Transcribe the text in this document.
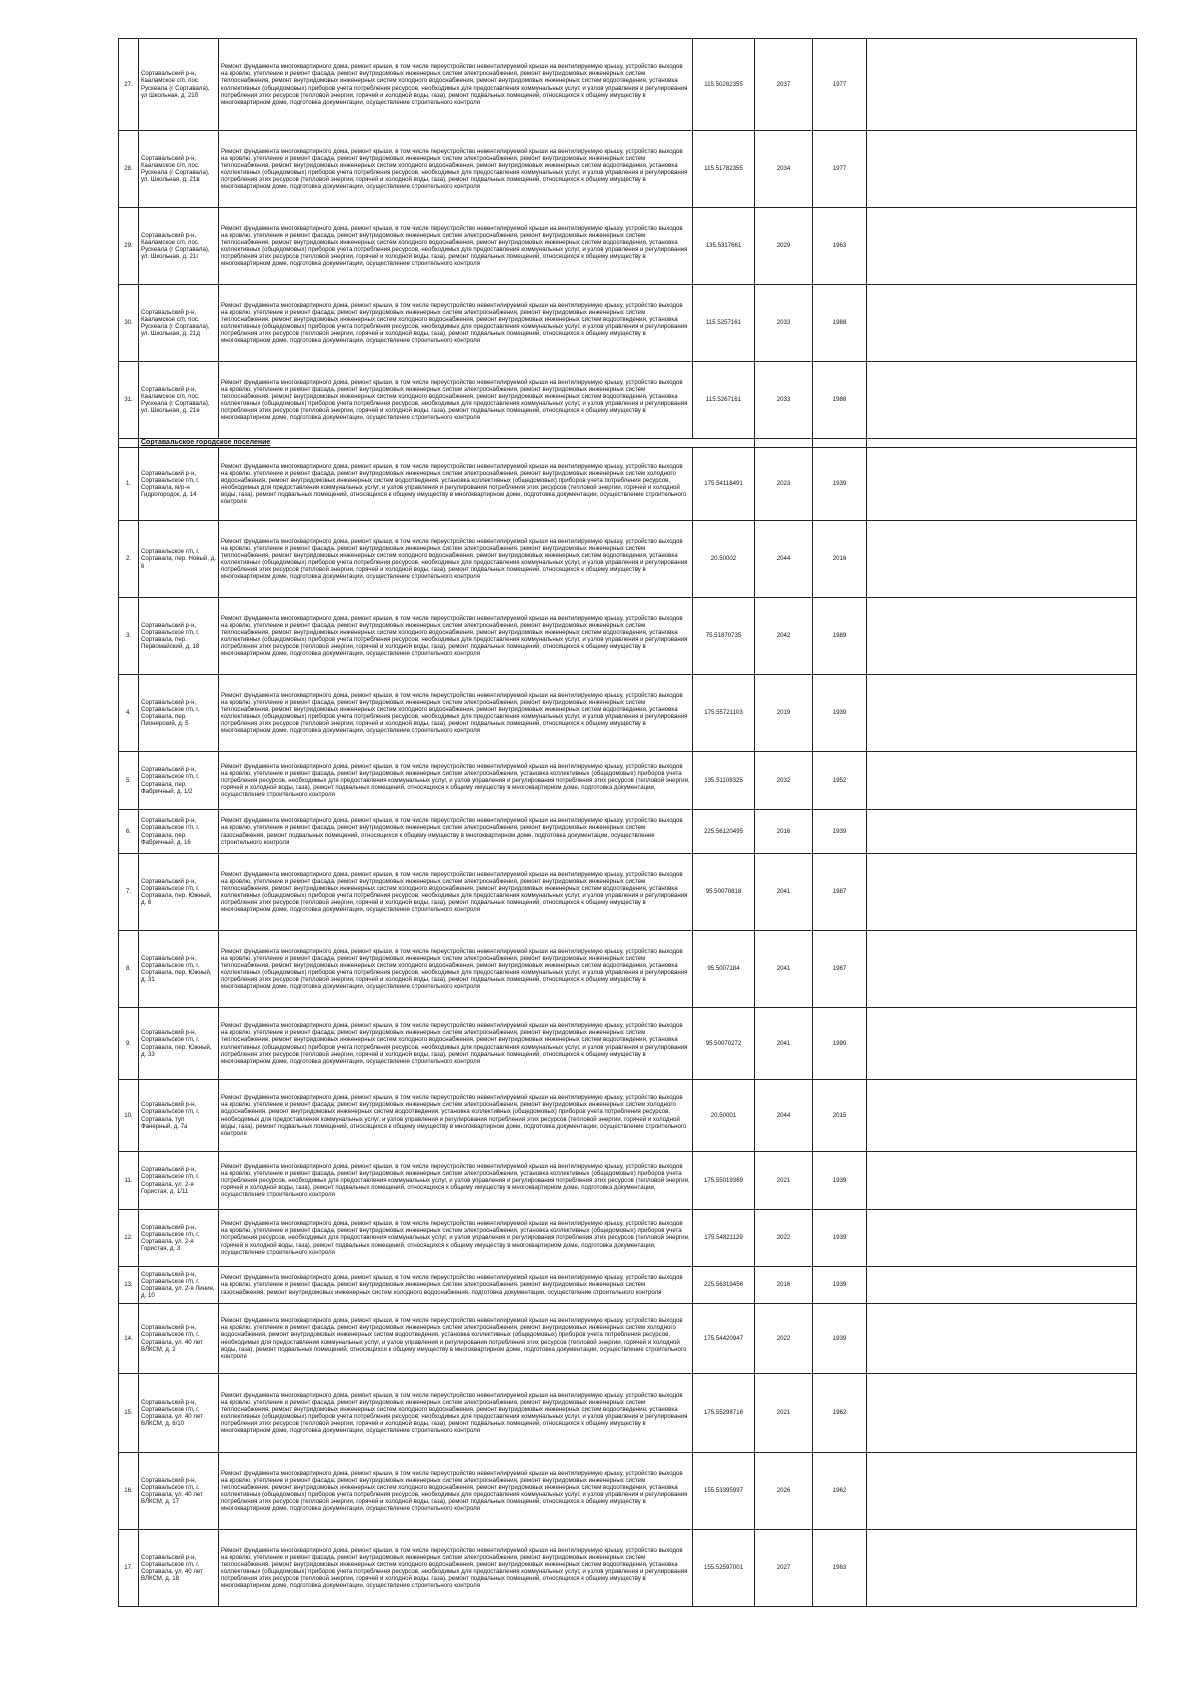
27.	Сортавальский р-н, Кааламское с/п, пос. Рускеала (г Сортавала), ул Школьная, д. 21б	Ремонт фундамента многоквартирного дома, ремонт крыши, в том числе переустройство невентилируемой крыши на вентилируемую крышу, устройство выходов на кровлю, утепление и ремонт фасада, ремонт внутридомовых инженерных систем электроснабжения, ремонт внутридомовых инженерных систем теплоснабжения, ремонт внутридомовых инженерных систем холодного водоснабжения, ремонт внутридомовых инженерных систем водоотведения, установка коллективных (общедомовых) приборов учета потребления ресурсов, необходимых для предоставления коммунальных услуг, и узлов управления и регулирования потребления этих ресурсов (тепловой энергии, горячей и холодной воды, газа), ремонт подвальных помещений, относящихся к общему имуществу в многоквартирном доме, подготовка документации, осуществление строительного контроля	115.50282355	2037	1977	
28.	Сортавальский р-н, Кааламское с/п, пос. Рускеала (г Сортавала), ул. Школьная, д. 21в	Ремонт фундамента многоквартирного дома, ремонт крыши, в том числе переустройство невентилируемой крыши на вентилируемую крышу, устройство выходов на кровлю, утепление и ремонт фасада, ремонт внутридомовых инженерных систем электроснабжения, ремонт внутридомовых инженерных систем теплоснабжения, ремонт внутридомовых инженерных систем холодного водоснабжения, ремонт внутридомовых инженерных систем водоотведения, установка коллективных (общедомовых) приборов учета потребления ресурсов, необходимых для предоставления коммунальных услуг, и узлов управления и регулирования потребления этих ресурсов (тепловой энергии, горячей и холодной воды, газа), ремонт подвальных помещений, относящихся к общему имуществу в многоквартирном доме, подготовка документации, осуществление строительного контроля	115.51782355	2034	1977	
29.	Сортавальский р-н, Кааламское с/п, пос. Рускеала (г Сортавала), ул. Школьная, д. 21г	Ремонт фундамента многоквартирного дома, ремонт крыши, в том числе переустройство невентилируемой крыши на вентилируемую крышу, устройство выходов на кровлю, утепление и ремонт фасада, ремонт внутридомовых инженерных систем электроснабжения, ремонт внутридомовых инженерных систем теплоснабжения, ремонт внутридомовых инженерных систем холодного водоснабжения, ремонт внутридомовых инженерных систем водоотведения, установка коллективных (общедомовых) приборов учета потребления ресурсов, необходимых для предоставления коммунальных услуг, и узлов управления и регулирования потребления этих ресурсов (тепловой энергии, горячей и холодной воды, газа), ремонт подвальных помещений, относящихся к общему имуществу в многоквартирном доме, подготовка документации, осуществление строительного контроля	135.5317661	2029	1963	
30.	Сортавальский р-н, Кааламское с/п, пос. Рускеала (г Сортавала), ул. Школьная, д. 21д	Ремонт фундамента многоквартирного дома, ремонт крыши, в том числе переустройство невентилируемой крыши на вентилируемую крышу, устройство выходов на кровлю, утепление и ремонт фасада, ремонт внутридомовых инженерных систем электроснабжения, ремонт внутридомовых инженерных систем теплоснабжения, ремонт внутридомовых инженерных систем холодного водоснабжения, ремонт внутридомовых инженерных систем водоотведения, установка коллективных (общедомовых) приборов учета потребления ресурсов, необходимых для предоставления коммунальных услуг, и узлов управления и регулирования потребления этих ресурсов (тепловой энергии, горячей и холодной воды, газа), ремонт подвальных помещений, относящихся к общему имуществу в многоквартирном доме, подготовка документации, осуществление строительного контроля	115.5257161	2033	1988	
31.	Сортавальский р-н, Кааламское с/п, пос. Рускеала (г Сортавала), ул. Школьная, д. 21е	Ремонт фундамента многоквартирного дома, ремонт крыши, в том числе переустройство невентилируемой крыши на вентилируемую крышу, устройство выходов на кровлю, утепление и ремонт фасада, ремонт внутридомовых инженерных систем электроснабжения, ремонт внутридомовых инженерных систем теплоснабжения, ремонт внутридомовых инженерных систем холодного водоснабжения, ремонт внутридомовых инженерных систем водоотведения, установка коллективных (общедомовых) приборов учета потребления ресурсов, необходимых для предоставления коммунальных услуг, и узлов управления и регулирования потребления этих ресурсов (тепловой энергии, горячей и холодной воды, газа), ремонт подвальных помещений, относящихся к общему имуществу в многоквартирном доме, подготовка документации, осуществление строительного контроля	115.5267161	2033	1988	
	Сортавальское городское поселение					
1.	Сортавальский р-н, Сортавальское г/п, г. Сортавала, м/р-н Гидрогородок, д. 14	Ремонт фундамента многоквартирного дома, ремонт крыши, в том числе переустройство невентилируемой крыши на вентилируемую крышу, устройство выходов на кровлю, утепление и ремонт фасада, ремонт внутридомовых инженерных систем электроснабжения, ремонт внутридомовых инженерных систем холодного водоснабжения, ремонт внутридомовых инженерных систем водоотведения, установка коллективных (общедомовых) приборов учета потребления ресурсов, необходимых для предоставления коммунальных услуг, и узлов управления и регулирования потребления этих ресурсов (тепловой энергии, горячей и холодной воды, газа), ремонт подвальных помещений, относящихся к общему имуществу в многоквартирном доме, подготовка документации, осуществление строительного контроля	175.54118491	2023	1939	
2.	Сортавальское г/п, г. Сортавала, пер. Новый, д. 6	Ремонт фундамента многоквартирного дома, ремонт крыши, в том числе переустройство невентилируемой крыши на вентилируемую крышу, устройство выходов на кровлю, утепление и ремонт фасада, ремонт внутридомовых инженерных систем электроснабжения, ремонт внутридомовых инженерных систем теплоснабжения, ремонт внутридомовых инженерных систем холодного водоснабжения, ремонт внутридомовых инженерных систем водоотведения, установка коллективных (общедомовых) приборов учета потребления ресурсов, необходимых для предоставления коммунальных услуг, и узлов управления и регулирования потребления этих ресурсов (тепловой энергии, горячей и холодной воды, газа), ремонт подвальных помещений, относящихся к общему имуществу в многоквартирном доме, подготовка документации, осуществление строительного контроля	20.50002	2044	2016	
3.	Сортавальский р-н, Сортавальское г/п, г. Сортавала, пер. Первомайский, д. 18	Ремонт фундамента многоквартирного дома, ремонт крыши, в том числе переустройство невентилируемой крыши на вентилируемую крышу, устройство выходов на кровлю, утепление и ремонт фасада, ремонт внутридомовых инженерных систем электроснабжения, ремонт внутридомовых инженерных систем теплоснабжения, ремонт внутридомовых инженерных систем холодного водоснабжения, ремонт внутридомовых инженерных систем водоотведения, установка коллективных (общедомовых) приборов учета потребления ресурсов, необходимых для предоставления коммунальных услуг, и узлов управления и регулирования потребления этих ресурсов (тепловой энергии, горячей и холодной воды, газа), ремонт подвальных помещений, относящихся к общему имуществу в многоквартирном доме, подготовка документации, осуществление строительного контроля	75.51870735	2042	1989	
4.	Сортавальский р-н, Сортавальское г/п, г. Сортавала, пер. Пионерский, д. 5	Ремонт фундамента многоквартирного дома, ремонт крыши, в том числе переустройство невентилируемой крыши на вентилируемую крышу, устройство выходов на кровлю, утепление и ремонт фасада, ремонт внутридомовых инженерных систем электроснабжения, ремонт внутридомовых инженерных систем теплоснабжения, ремонт внутридомовых инженерных систем холодного водоснабжения, ремонт внутридомовых инженерных систем водоотведения, установка коллективных (общедомовых) приборов учета потребления ресурсов, необходимых для предоставления коммунальных услуг, и узлов управления и регулирования потребления этих ресурсов (тепловой энергии, горячей и холодной воды, газа), ремонт подвальных помещений, относящихся к общему имуществу в многоквартирном доме, подготовка документации, осуществление строительного контроля	175.55721103	2019	1939	
5.	Сортавальский р-н, Сортавальское г/п, г. Сортавала, пер. Фабричный, д. 1/2	Ремонт фундамента многоквартирного дома, ремонт крыши, в том числе переустройство невентилируемой крыши на вентилируемую крышу, устройство выходов на кровлю, утепление и ремонт фасада, ремонт внутридомовых инженерных систем электроснабжения, установка коллективных (общедомовых) приборов учета потребления ресурсов, необходимых для предоставления коммунальных услуг, и узлов управления и регулирования потребления этих ресурсов (тепловой энергии, горячей и холодной воды, газа), ремонт подвальных помещений, относящихся к общему имуществу в многоквартирном доме, подготовка документации, осуществление строительного контроля	135.51108325	2032	1952	
6.	Сортавальский р-н, Сортавальское г/п, г. Сортавала, пер. Фабричный, д. 16	Ремонт фундамента многоквартирного дома, ремонт крыши, в том числе переустройство невентилируемой крыши на вентилируемую крышу, устройство выходов на кровлю, утепление и ремонт фасада, ремонт внутридомовых инженерных систем электроснабжения, ремонт внутридомовых инженерных систем газоснабжения, ремонт подвальных помещений, относящихся к общему имуществу в многоквартирном доме, подготовка документации, осуществление строительного контроля	225.56120495	2016	1939	
7.	Сортавальский р-н, Сортавальское г/п, г. Сортавала, пер. Южный, д. 6	Ремонт фундамента многоквартирного дома, ремонт крыши, в том числе переустройство невентилируемой крыши на вентилируемую крышу, устройство выходов на кровлю, утепление и ремонт фасада, ремонт внутридомовых инженерных систем электроснабжения, ремонт внутридомовых инженерных систем теплоснабжения, ремонт внутридомовых инженерных систем холодного водоснабжения, ремонт внутридомовых инженерных систем водоотведения, установка коллективных (общедомовых) приборов учета потребления ресурсов, необходимых для предоставления коммунальных услуг, и узлов управления и регулирования потребления этих ресурсов (тепловой энергии, горячей и холодной воды, газа), ремонт подвальных помещений, относящихся к общему имуществу в многоквартирном доме, подготовка документации, осуществление строительного контроля	95.50070818	2041	1987	
8.	Сортавальский р-н, Сортавальское г/п, г. Сортавала, пер. Южный, д. 31	Ремонт фундамента многоквартирного дома, ремонт крыши, в том числе переустройство невентилируемой крыши на вентилируемую крышу, устройство выходов на кровлю, утепление и ремонт фасада, ремонт внутридомовых инженерных систем электроснабжения, ремонт внутридомовых инженерных систем теплоснабжения, ремонт внутридомовых инженерных систем холодного водоснабжения, ремонт внутридомовых инженерных систем водоотведения, установка коллективных (общедомовых) приборов учета потребления ресурсов, необходимых для предоставления коммунальных услуг, и узлов управления и регулирования потребления этих ресурсов (тепловой энергии, горячей и холодной воды, газа), ремонт подвальных помещений, относящихся к общему имуществу в многоквартирном доме, подготовка документации, осуществление строительного контроля	95.5007184	2041	1987	
9.	Сортавальский р-н, Сортавальское г/п, г. Сортавала, пер. Южный, д. 33	Ремонт фундамента многоквартирного дома, ремонт крыши, в том числе переустройство невентилируемой крыши на вентилируемую крышу, устройство выходов на кровлю, утепление и ремонт фасада, ремонт внутридомовых инженерных систем электроснабжения, ремонт внутридомовых инженерных систем теплоснабжения, ремонт внутридомовых инженерных систем холодного водоснабжения, ремонт внутридомовых инженерных систем водоотведения, установка коллективных (общедомовых) приборов учета потребления ресурсов, необходимых для предоставления коммунальных услуг, и узлов управления и регулирования потребления этих ресурсов (тепловой энергии, горячей и холодной воды, газа), ремонт подвальных помещений, относящихся к общему имуществу в многоквартирном доме, подготовка документации, осуществление строительного контроля	95.50070272	2041	1990	
10.	Сортавальский р-н, Сортавальское г/п, г. Сортавала, туп Фанерный, д. 7а	Ремонт фундамента многоквартирного дома, ремонт крыши, в том числе переустройство невентилируемой крыши на вентилируемую крышу, устройство выходов на кровлю, утепление и ремонт фасада, ремонт внутридомовых инженерных систем электроснабжения, ремонт внутридомовых инженерных систем холодного водоснабжения, ремонт внутридомовых инженерных систем водоотведения, установка коллективных (общедомовых) приборов учета потребления ресурсов, необходимых для предоставления коммунальных услуг, и узлов управления и регулирования потребления этих ресурсов (тепловой энергии, горячей и холодной воды, газа), ремонт подвальных помещений, относящихся к общему имуществу в многоквартирном доме, подготовка документации, осуществление строительного контроля	20.50001	2044	2015	
11.	Сортавальский р-н, Сортавальское г/п, г. Сортавала, ул. 2-я Гористая, д. 1/11	Ремонт фундамента многоквартирного дома, ремонт крыши, в том числе переустройство невентилируемой крыши на вентилируемую крышу, устройство выходов на кровлю, утепление и ремонт фасада, ремонт внутридомовых инженерных систем электроснабжения, установка коллективных (общедомовых) приборов учета потребления ресурсов, необходимых для предоставления коммунальных услуг, и узлов управления и регулирования потребления этих ресурсов (тепловой энергии, горячей и холодной воды, газа), ремонт подвальных помещений, относящихся к общему имуществу в многоквартирном доме, подготовка документации, осуществление строительного контроля	175.55019369	2021	1939	
12.	Сортавальский р-н, Сортавальское г/п, г. Сортавала, ул. 2-я Гористая, д. 3	Ремонт фундамента многоквартирного дома, ремонт крыши, в том числе переустройство невентилируемой крыши на вентилируемую крышу, устройство выходов на кровлю, утепление и ремонт фасада, ремонт внутридомовых инженерных систем электроснабжения, установка коллективных (общедомовых) приборов учета потребления ресурсов, необходимых для предоставления коммунальных услуг, и узлов управления и регулирования потребления этих ресурсов (тепловой энергии, горячей и холодной воды, газа), ремонт подвальных помещений, относящихся к общему имуществу в многоквартирном доме, подготовка документации, осуществление строительного контроля	175.54821129	2022	1939	
13.	Сортавальский р-н, Сортавальское г/п, г. Сортавала, ул. 2-я Линия, д. 10	Ремонт фундамента многоквартирного дома, ремонт крыши, в том числе переустройство невентилируемой крыши на вентилируемую крышу, устройство выходов на кровлю, утепление и ремонт фасада, ремонт внутридомовых инженерных систем электроснабжения, ремонт внутридомовых инженерных систем газоснабжения, ремонт внутридомовых инженерных систем холодного водоснабжения, подготовка документации, осуществление строительного контроля	225.56319456	2016	1939	
14.	Сортавальский р-н, Сортавальское г/п, г. Сортавала, ул. 40 лет ВЛКСМ, д. 2	Ремонт фундамента многоквартирного дома, ремонт крыши, в том числе переустройство невентилируемой крыши на вентилируемую крышу, устройство выходов на кровлю, утепление и ремонт фасада, ремонт внутридомовых инженерных систем электроснабжения, ремонт внутридомовых инженерных систем холодного водоснабжения, ремонт внутридомовых инженерных систем водоотведения, установка коллективных (общедомовых) приборов учета потребления ресурсов, необходимых для предоставления коммунальных услуг, и узлов управления и регулирования потребления этих ресурсов (тепловой энергии, горячей и холодной воды, газа), ремонт подвальных помещений, относящихся к общему имуществу в многоквартирном доме, подготовка документации, осуществление строительного контроля	175.54420947	2022	1939	
15.	Сортавальский р-н, Сортавальское г/п, г. Сортавала, ул. 40 лет ВЛКСМ, д. 6/10	Ремонт фундамента многоквартирного дома, ремонт крыши, в том числе переустройство невентилируемой крыши на вентилируемую крышу, устройство выходов на кровлю, утепление и ремонт фасада, ремонт внутридомовых инженерных систем электроснабжения, ремонт внутридомовых инженерных систем теплоснабжения, ремонт внутридомовых инженерных систем холодного водоснабжения, ремонт внутридомовых инженерных систем водоотведения, установка коллективных (общедомовых) приборов учета потребления ресурсов, необходимых для предоставления коммунальных услуг, и узлов управления и регулирования потребления этих ресурсов (тепловой энергии, горячей и холодной воды, газа), ремонт подвальных помещений, относящихся к общему имуществу в многоквартирном доме, подготовка документации, осуществление строительного контроля	175.55298716	2021	1962	
16.	Сортавальский р-н, Сортавальское г/п, г. Сортавала, ул. 40 лет ВЛКСМ, д. 17	Ремонт фундамента многоквартирного дома, ремонт крыши, в том числе переустройство невентилируемой крыши на вентилируемую крышу, устройство выходов на кровлю, утепление и ремонт фасада, ремонт внутридомовых инженерных систем электроснабжения, ремонт внутридомовых инженерных систем теплоснабжения, ремонт внутридомовых инженерных систем холодного водоснабжения, ремонт внутридомовых инженерных систем водоотведения, установка коллективных (общедомовых) приборов учета потребления ресурсов, необходимых для предоставления коммунальных услуг, и узлов управления и регулирования потребления этих ресурсов (тепловой энергии, горячей и холодной воды, газа), ремонт подвальных помещений, относящихся к общему имуществу в многоквартирном доме, подготовка документации, осуществление строительного контроля	155.53395997	2026	1962	
17.	Сортавальский р-н, Сортавальское г/п, г. Сортавала, ул. 40 лет ВЛКСМ, д. 18	Ремонт фундамента многоквартирного дома, ремонт крыши, в том числе переустройство невентилируемой крыши на вентилируемую крышу, устройство выходов на кровлю, утепление и ремонт фасада, ремонт внутридомовых инженерных систем электроснабжения, ремонт внутридомовых инженерных систем теплоснабжения, ремонт внутридомовых инженерных систем холодного водоснабжения, ремонт внутридомовых инженерных систем водоотведения, установка коллективных (общедомовых) приборов учета потребления ресурсов, необходимых для предоставления коммунальных услуг, и узлов управления и регулирования потребления этих ресурсов (тепловой энергии, горячей и холодной воды, газа), ремонт подвальных помещений, относящихся к общему имуществу в многоквартирном доме, подготовка документации, осуществление строительного контроля	155.52597001	2027	1963	
